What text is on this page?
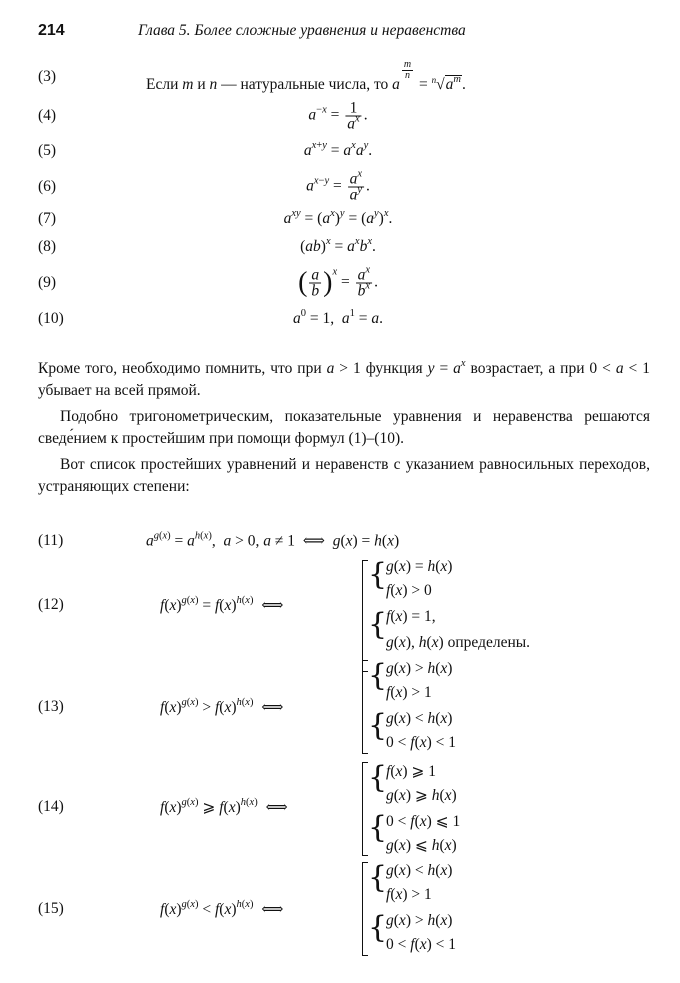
214	Глава 5. Более сложные уравнения и неравенства
(3)	Если m и n — натуральные числа, то a
$^{\frac{m}{n}}$
= $^n√a^m$.
(4)	$a^{-x} = \frac{1}{a^x}$ .
(5)	$a^{x+y} = a^xa^y$.
(6)	$a^{x-y} = \frac{a^x}{a^y}$ .
(7)	$a^{xy} = (a^x)^y = (a^y)^x$.
(8)	$(ab)^x = a^xb^x$.
(9)	( $\frac{a}{b} )^x = \frac{a^x}{b^x}$ .
(10)	$a^0 = 1$,  $a^1 = a$.
Кроме того, необходимо помнить, что при a > 1 функция $y = a^x$ возрастает, а при 0 < a < 1 убывает на всей прямой.
Подобно тригонометрическим, показательные уравнения и неравенства решаются сведе́нием к простейшим при помощи формул (1)–(10).
Вот список простейших уравнений и неравенств с указанием равносильных переходов, устраняющих степени:
(11)	$a^{g(x)} = a^{h(x)}$,  a > 0, a ≠ 1  ⟺  g(x) = h(x)
(12)	$f(x)^{g(x)} = f(x)^{h(x)}$  ⟺
{
g(x) = h(x)
f(x) > 0
{
f(x) = 1,
g(x), h(x) определены.
(13)	$f(x)^{g(x)} > f(x)^{h(x)}$  ⟺
{
g(x) > h(x)
f(x) > 1
{
g(x) < h(x)
0 < f(x) < 1
(14)	$f(x)^{g(x)}$ ⩾ $f(x)^{h(x)}$  ⟺
{
f(x) ⩾ 1
g(x) ⩾ h(x)
{
0 < f(x) ⩽ 1
g(x) ⩽ h(x)
(15)	$f(x)^{g(x)} < f(x)^{h(x)}$  ⟺
{
g(x) < h(x)
f(x) > 1
{
g(x) > h(x)
0 < f(x) < 1
